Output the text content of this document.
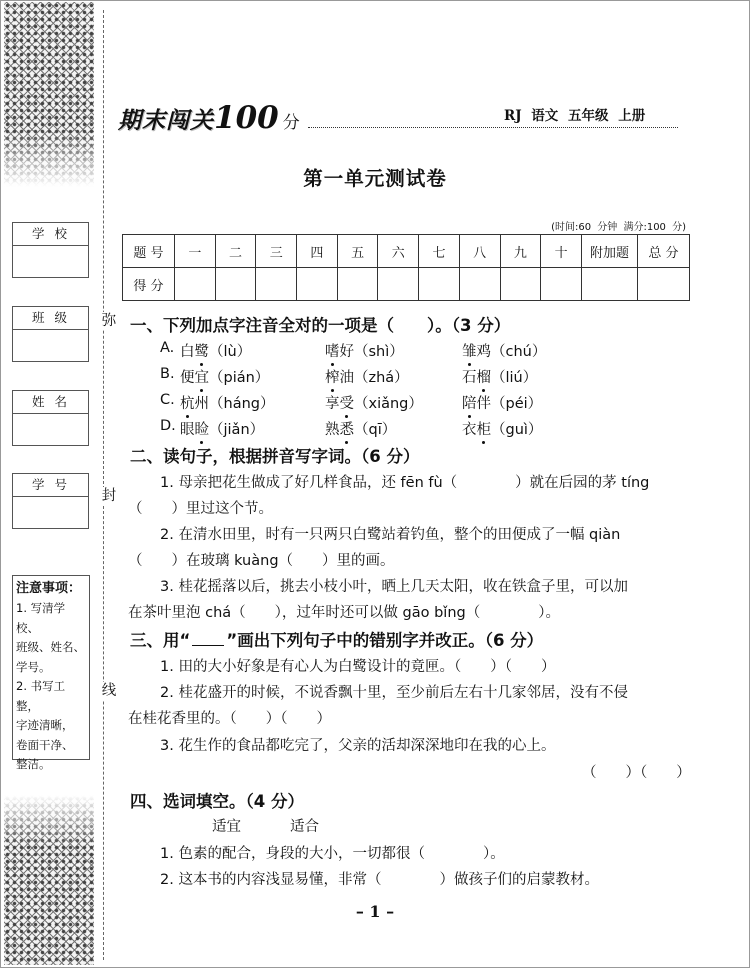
学校
班级
姓名
学号
注意事项：
1. 写清学校、
班级、姓名、
学号。
2. 书写工整，
字迹清晰，
卷面干净、
整洁。
弥
封
线
期末闯关100 分	RJ 语文 五年级 上册
第一单元测试卷
(时间:60 分钟 满分:100 分)
题 号	一	二	三	四	五	六	七	八	九	十	附加题	总 分
得 分												
一、下列加点字注音全对的一项是（　　）。（3 分）
A. 白鹭（lù）	嗜好（shì）	雏鸡（chú）
B. 便宜（pián）	榨油（zhá）	石榴（liú）
C. 杭州（háng）	享受（xiǎng）	陪伴（péi）
D. 眼睑（jiǎn）	熟悉（qī）	衣柜（guì）
二、读句子，根据拼音写字词。（6 分）
1. 母亲把花生做成了好几样食品，还 fēn fù（　　　　）就在后园的茅 tíng
（　　）里过这个节。
2. 在清水田里，时有一只两只白鹭站着钓鱼，整个的田便成了一幅 qiàn
（　　）在玻璃 kuàng（　　）里的画。
3. 桂花摇落以后，挑去小枝小叶，晒上几天太阳，收在铁盒子里，可以加
在茶叶里泡 chá（　　），过年时还可以做 gāo bǐng（　　　　）。
三、用“ ”画出下列句子中的错别字并改正。（6 分）
1. 田的大小好象是有心人为白鹭设计的竟匣。（　　）（　　）
2. 桂花盛开的时候，不说香飘十里，至少前后左右十几家邻居，没有不侵
在桂花香里的。（　　）（　　）
3. 花生作的食品都吃完了，父亲的活却深深地印在我的心上。
（　　）（　　）
四、选词填空。（4 分）
适宜	适合
1. 色素的配合，身段的大小，一切都很（　　　　）。
2. 这本书的内容浅显易懂，非常（　　　　）做孩子们的启蒙教材。
– 1 –
